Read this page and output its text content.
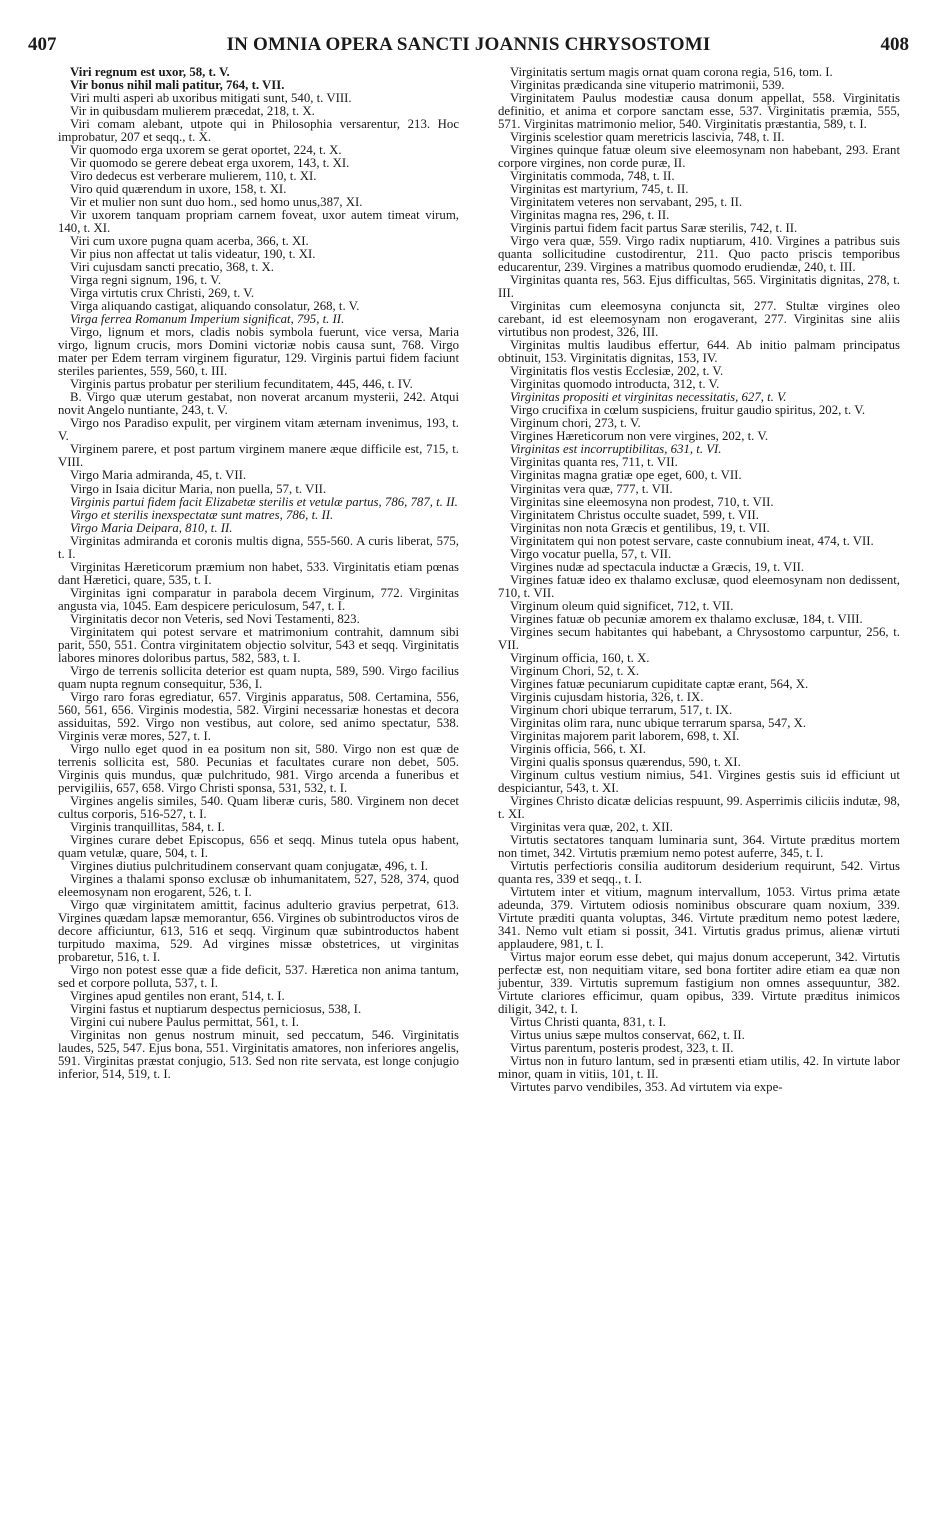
407	IN OMNIA OPERA SANCTI JOANNIS CHRYSOSTOMI	408

Viri regnum est uxor, 58, t. V.

Vir bonus nihil mali patitur, 764, t. VII.

Viri multi asperi ab uxoribus mitigati sunt, 540, t. VIII.

Vir in quibusdam mulierem præcedat, 218, t. X.

Viri comam alebant, utpote qui in Philosophia versarentur, 213. Hoc improbatur, 207 et seqq., t. X.

Vir quomodo erga uxorem se gerat oportet, 224, t. X.

Vir quomodo se gerere debeat erga uxorem, 143, t. XI.

Viro dedecus est verberare mulierem, 110, t. XI.

Viro quid quærendum in uxore, 158, t. XI.

Vir et mulier non sunt duo hom., sed homo unus,387, XI.

Vir uxorem tanquam propriam carnem foveat, uxor autem timeat virum, 140, t. XI.

Viri cum uxore pugna quam acerba, 366, t. XI.

Vir pius non affectat ut talis videatur, 190, t. XI.

Viri cujusdam sancti precatio, 368, t. X.

Virga regni signum, 196, t. V.

Virga virtutis crux Christi, 269, t. V.

Virga aliquando castigat, aliquando consolatur, 268, t. V.

Virga ferrea Romanum Imperium significat, 795, t. II.

Virgo, lignum et mors, cladis nobis symbola fuerunt, vice versa, Maria virgo, lignum crucis, mors Domini victoriæ nobis causa sunt, 768. Virgo mater per Edem terram virginem figuratur, 129. Virginis partui fidem faciunt steriles parientes, 559, 560, t. III.

Virginis partus probatur per sterilium fecunditatem, 445, 446, t. IV.

B. Virgo quæ uterum gestabat, non noverat arcanum mysterii, 242. Atqui novit Angelo nuntiante, 243, t. V.

Virgo nos Paradiso expulit, per virginem vitam æternam invenimus, 193, t. V.

Virginem parere, et post partum virginem manere æque difficile est, 715, t. VIII.

Virgo Maria admiranda, 45, t. VII.

Virgo in Isaia dicitur Maria, non puella, 57, t. VII.

Virginis partui fidem facit Elizabetæ sterilis et vetulæ partus, 786, 787, t. II.

Virgo et sterilis inexspectatæ sunt matres, 786, t. II.

Virgo Maria Deipara, 810, t. II.

Virginitas admiranda et coronis multis digna, 555-560. A curis liberat, 575, t. I.

Virginitas Hæreticorum præmium non habet, 533. Virginitatis etiam pœnas dant Hæretici, quare, 535, t. I.

Virginitas igni comparatur in parabola decem Virginum, 772. Virginitas angusta via, 1045. Eam despicere periculosum, 547, t. I.

Virginitatis decor non Veteris, sed Novi Testamenti, 823.

Virginitatem qui potest servare et matrimonium contrahit, damnum sibi parit, 550, 551. Contra virginitatem objectio solvitur, 543 et seqq. Virginitatis labores minores doloribus partus, 582, 583, t. I.

Virgo de terrenis sollicita deterior est quam nupta, 589, 590. Virgo facilius quam nupta regnum consequitur, 536, I.

Virgo raro foras egrediatur, 657. Virginis apparatus, 508. Certamina, 556, 560, 561, 656. Virginis modestia, 582. Virgini necessariæ honestas et decora assiduitas, 592. Virgo non vestibus, aut colore, sed animo spectatur, 538. Virginis veræ mores, 527, t. I.

Virgo nullo eget quod in ea positum non sit, 580. Virgo non est quæ de terrenis sollicita est, 580. Pecunias et facultates curare non debet, 505. Virginis quis mundus, quæ pulchritudo, 981. Virgo arcenda a funeribus et pervigiliis, 657, 658. Virgo Christi sponsa, 531, 532, t. I.

Virgines angelis similes, 540. Quam liberæ curis, 580. Virginem non decet cultus corporis, 516-527, t. I.

Virginis tranquillitas, 584, t. I.

Virgines curare debet Episcopus, 656 et seqq. Minus tutela opus habent, quam vetulæ, quare, 504, t. I.

Virgines diutius pulchritudinem conservant quam conjugatæ, 496, t. I.

Virgines a thalami sponso exclusæ ob inhumanitatem, 527, 528, 374, quod eleemosynam non erogarent, 526, t. I.

Virgo quæ virginitatem amittit, facinus adulterio gravius perpetrat, 613. Virgines quædam lapsæ memorantur, 656. Virgines ob subintroductos viros de decore afficiuntur, 613, 516 et seqq. Virginum quæ subintroductos habent turpitudo maxima, 529. Ad virgines missæ obstetrices, ut virginitas probaretur, 516, t. I.

Virgo non potest esse quæ a fide deficit, 537. Hæretica non anima tantum, sed et corpore polluta, 537, t. I.

Virgines apud gentiles non erant, 514, t. I.

Virgini fastus et nuptiarum despectus perniciosus, 538, I.

Virgini cui nubere Paulus permittat, 561, t. I.

Virginitas non genus nostrum minuit, sed peccatum, 546. Virginitatis laudes, 525, 547. Ejus bona, 551. Virginitatis amatores, non inferiores angelis, 591. Virginitas præstat conjugio, 513. Sed non rite servata, est longe conjugio inferior, 514, 519, t. I.

Virginitatis sertum magis ornat quam corona regia, 516, tom. I.

Virginitas prædicanda sine vituperio matrimonii, 539.

Virginitatem Paulus modestiæ causa donum appellat, 558. Virginitatis definitio, et anima et corpore sanctam esse, 537. Virginitatis præmia, 555, 571. Virginitas matrimonio melior, 540. Virginitatis præstantia, 589, t. I.

Virginis scelestior quam meretricis lascivia, 748, t. II.

Virgines quinque fatuæ oleum sive eleemosynam non habebant, 293. Erant corpore virgines, non corde puræ, II.

Virginitatis commoda, 748, t. II.

Virginitas est martyrium, 745, t. II.

Virginitatem veteres non servabant, 295, t. II.

Virginitas magna res, 296, t. II.

Virginis partui fidem facit partus Saræ sterilis, 742, t. II.

Virgo vera quæ, 559. Virgo radix nuptiarum, 410. Virgines a patribus suis quanta sollicitudine custodirentur, 211. Quo pacto priscis temporibus educarentur, 239. Virgines a matribus quomodo erudiendæ, 240, t. III.

Virginitas quanta res, 563. Ejus difficultas, 565. Virginitatis dignitas, 278, t. III.

Virginitas cum eleemosyna conjuncta sit, 277. Stultæ virgines oleo carebant, id est eleemosynam non erogaverant, 277. Virginitas sine aliis virtutibus non prodest, 326, III.

Virginitas multis laudibus effertur, 644. Ab initio palmam principatus obtinuit, 153. Virginitatis dignitas, 153, IV.

Virginitatis flos vestis Ecclesiæ, 202, t. V.

Virginitas quomodo introducta, 312, t. V.

Virginitas propositi et virginitas necessitatis, 627, t. V.

Virgo crucifixa in cœlum suspiciens, fruitur gaudio spiritus, 202, t. V.

Virginum chori, 273, t. V.

Virgines Hæreticorum non vere virgines, 202, t. V.

Virginitas est incorruptibilitas, 631, t. VI.

Virginitas quanta res, 711, t. VII.

Virginitas magna gratiæ ope eget, 600, t. VII.

Virginitas vera quæ, 777, t. VII.

Virginitas sine eleemosyna non prodest, 710, t. VII.

Virginitatem Christus occulte suadet, 599, t. VII.

Virginitas non nota Græcis et gentilibus, 19, t. VII.

Virginitatem qui non potest servare, caste connubium ineat, 474, t. VII.

Virgo vocatur puella, 57, t. VII.

Virgines nudæ ad spectacula inductæ a Græcis, 19, t. VII.

Virgines fatuæ ideo ex thalamo exclusæ, quod eleemosynam non dedissent, 710, t. VII.

Virginum oleum quid significet, 712, t. VII.

Virgines fatuæ ob pecuniæ amorem ex thalamo exclusæ, 184, t. VIII.

Virgines secum habitantes qui habebant, a Chrysostomo carpuntur, 256, t. VII.

Virginum officia, 160, t. X.

Virginum Chori, 52, t. X.

Virgines fatuæ pecuniarum cupiditate captæ erant, 564, X.

Virginis cujusdam historia, 326, t. IX.

Virginum chori ubique terrarum, 517, t. IX.

Virginitas olim rara, nunc ubique terrarum sparsa, 547, X.

Virginitas majorem parit laborem, 698, t. XI.

Virginis officia, 566, t. XI.

Virgini qualis sponsus quærendus, 590, t. XI.

Virginum cultus vestium nimius, 541. Virgines gestis suis id efficiunt ut despiciantur, 543, t. XI.

Virgines Christo dicatæ delicias respuunt, 99. Asperrimis ciliciis indutæ, 98, t. XI.

Virginitas vera quæ, 202, t. XII.

Virtutis sectatores tanquam luminaria sunt, 364. Virtute præditus mortem non timet, 342. Virtutis præmium nemo potest auferre, 345, t. I.

Virtutis perfectioris consilia auditorum desiderium requirunt, 542. Virtus quanta res, 339 et seqq., t. I.

Virtutem inter et vitium, magnum intervallum, 1053. Virtus prima ætate adeunda, 379. Virtutem odiosis nominibus obscurare quam noxium, 339. Virtute præditi quanta voluptas, 346. Virtute præditum nemo potest lædere, 341. Nemo vult etiam si possit, 341. Virtutis gradus primus, alienæ virtuti applaudere, 981, t. I.

Virtus major eorum esse debet, qui majus donum acceperunt, 342. Virtutis perfectæ est, non nequitiam vitare, sed bona fortiter adire etiam ea quæ non jubentur, 339. Virtutis supremum fastigium non omnes assequuntur, 382. Virtute clariores efficimur, quam opibus, 339. Virtute præditus inimicos diligit, 342, t. I.

Virtus Christi quanta, 831, t. I.

Virtus unius sæpe multos conservat, 662, t. II.

Virtus parentum, posteris prodest, 323, t. II.

Virtus non in futuro lantum, sed in præsenti etiam utilis, 42. In virtute labor minor, quam in vitiis, 101, t. II.

Virtutes parvo vendibiles, 353. Ad virtutem via expe-
